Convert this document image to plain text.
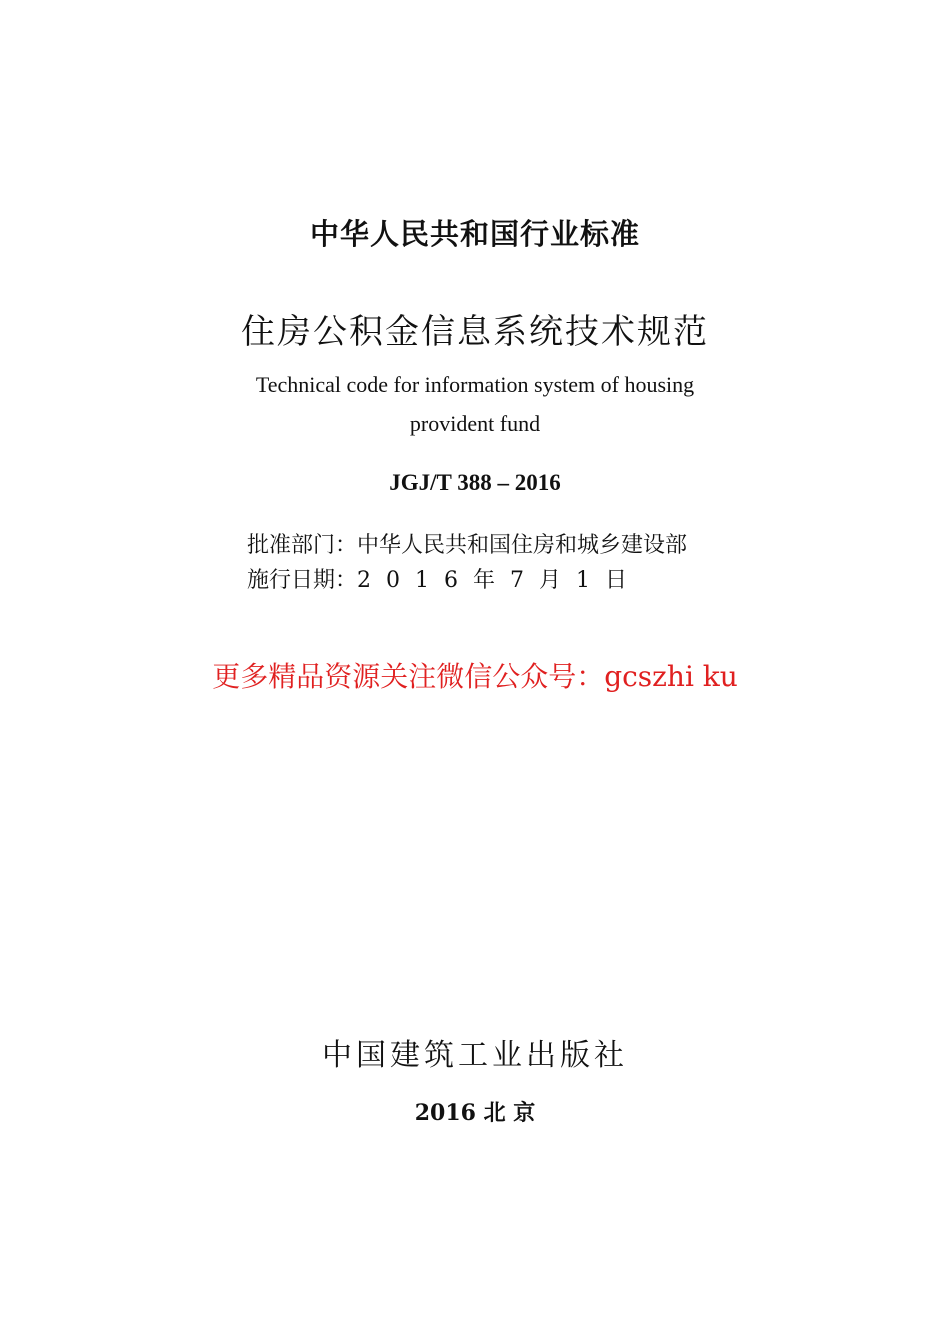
中华人民共和国行业标准
住房公积金信息系统技术规范
Technical code for information system of housing
provident fund
JGJ/T 388 – 2016
批准部门：中华人民共和国住房和城乡建设部
施行日期：2016年7月1日
更多精品资源关注微信公众号：gcszhi ku
中国建筑工业出版社
2016 北 京
